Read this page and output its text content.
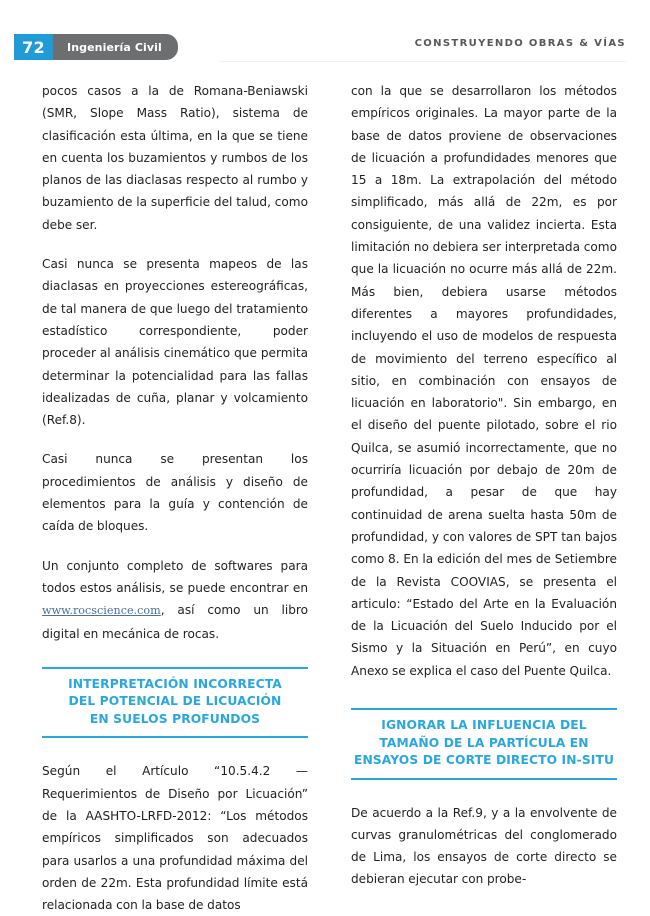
72	Ingeniería Civil	CONSTRUYENDO OBRAS & VÍAS

pocos casos a la de Romana-Beniawski (SMR, Slope Mass Ratio), sistema de clasificación esta última, en la que se tiene en cuenta los buzamientos y rumbos de los planos de las diaclasas respecto al rumbo y buzamiento de la superficie del talud, como debe ser.

Casi nunca se presenta mapeos de las diaclasas en proyecciones estereográficas, de tal manera de que luego del tratamiento estadístico correspondiente, poder proceder al análisis cinemático que permita determinar la potencialidad para las fallas idealizadas de cuña, planar y volcamiento (Ref.8).

Casi nunca se presentan los procedimientos de análisis y diseño de elementos para la guía y contención de caída de bloques.

Un conjunto completo de softwares para todos estos análisis, se puede encontrar en www.rocscience.com, así como un libro digital en mecánica de rocas.

INTERPRETACIÓN INCORRECTA
DEL POTENCIAL DE LICUACIÓN
EN SUELOS PROFUNDOS

Según el Artículo “10.5.4.2 — Requerimientos de Diseño por Licuación” de la AASHTO-LRFD-2012: “Los métodos empíricos simplificados son adecuados para usarlos a una profundidad máxima del orden de 22m. Esta profundidad límite está relacionada con la base de datos

con la que se desarrollaron los métodos empíricos originales. La mayor parte de la base de datos proviene de observaciones de licuación a profundidades menores que 15 a 18m. La extrapolación del método simplificado, más allá de 22m, es por consiguiente, de una validez incierta. Esta limitación no debiera ser interpretada como que la licuación no ocurre más allá de 22m. Más bien, debiera usarse métodos diferentes a mayores profundidades, incluyendo el uso de modelos de respuesta de movimiento del terreno específico al sitio, en combinación con ensayos de licuación en laboratorio". Sin embargo, en el diseño del puente pilotado, sobre el rio Quilca, se asumió incorrectamente, que no ocurriría licuación por debajo de 20m de profundidad, a pesar de que hay continuidad de arena suelta hasta 50m de profundidad, y con valores de SPT tan bajos como 8. En la edición del mes de Setiembre de la Revista COOVIAS, se presenta el articulo: “Estado del Arte en la Evaluación de la Licuación del Suelo Inducido por el Sismo y la Situación en Perú”, en cuyo Anexo se explica el caso del Puente Quilca.

IGNORAR LA INFLUENCIA DEL
TAMAÑO DE LA PARTÍCULA EN
ENSAYOS DE CORTE DIRECTO IN-SITU

De acuerdo a la Ref.9, y a la envolvente de curvas granulométricas del conglomerado de Lima, los ensayos de corte directo se debieran ejecutar con probe-
